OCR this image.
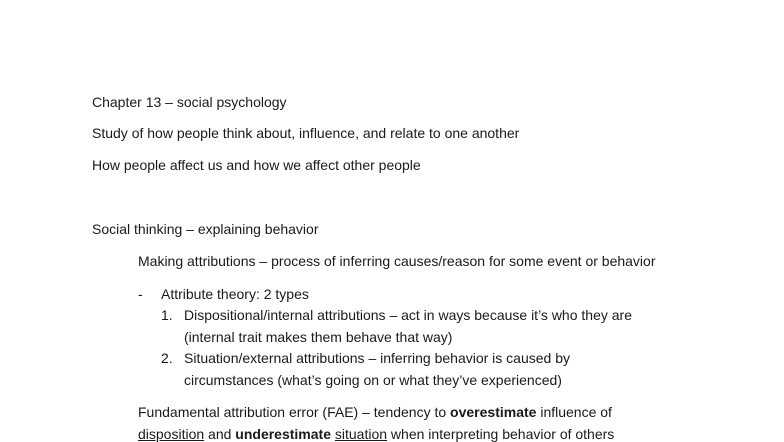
Chapter 13 – social psychology
Study of how people think about, influence, and relate to one another
How people affect us and how we affect other people
Social thinking – explaining behavior
Making attributions – process of inferring causes/reason for some event or behavior
- Attribute theory: 2 types
1. Dispositional/internal attributions – act in ways because it’s who they are
(internal trait makes them behave that way)
2. Situation/external attributions – inferring behavior is caused by
circumstances (what’s going on or what they’ve experienced)
Fundamental attribution error (FAE) – tendency to overestimate influence of
disposition and underestimate situation when interpreting behavior of others
